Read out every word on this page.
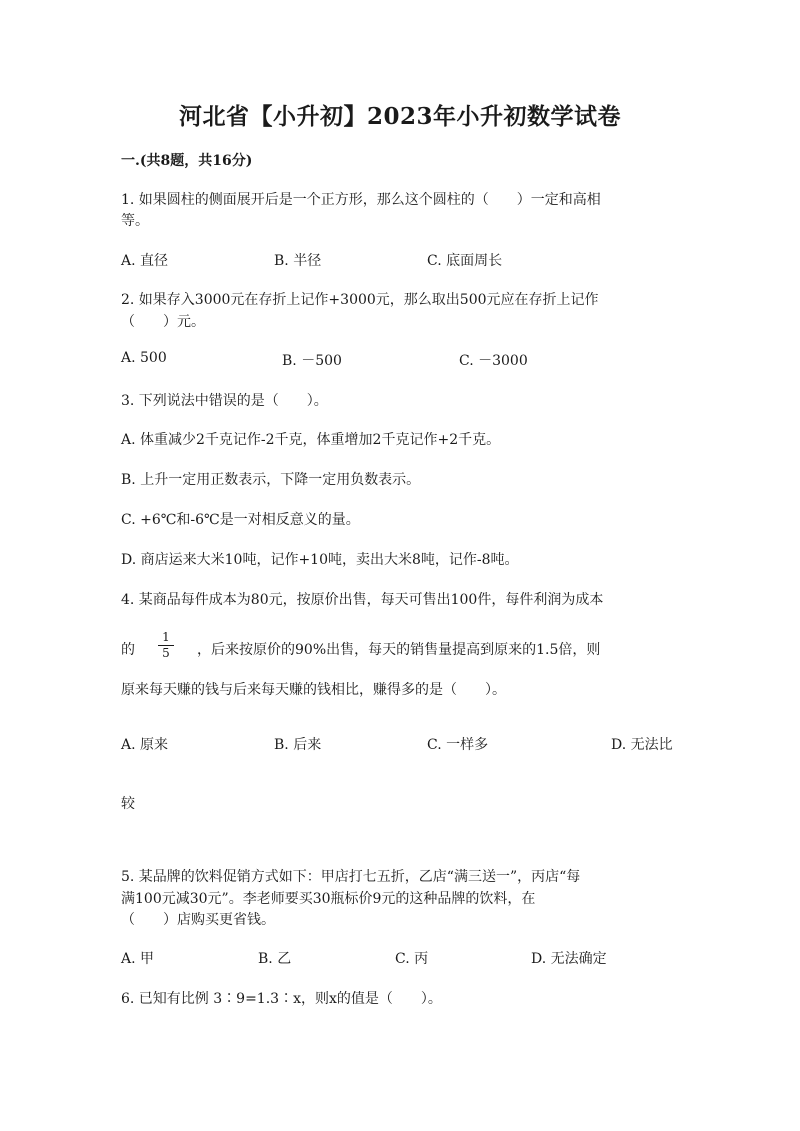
河北省【小升初】2023年小升初数学试卷
一.(共8题，共16分)
1. 如果圆柱的侧面展开后是一个正方形，那么这个圆柱的（　　）一定和高相
等。
A. 直径	B. 半径	C. 底面周长
2. 如果存入3000元在存折上记作+3000元，那么取出500元应在存折上记作
（　　）元。
A. 500	B. －500	C. －3000
3. 下列说法中错误的是（　　）。
A. 体重减少2千克记作-2千克，体重增加2千克记作+2千克。
B. 上升一定用正数表示，下降一定用负数表示。
C. +6℃和-6℃是一对相反意义的量。
D. 商店运来大米10吨，记作+10吨，卖出大米8吨，记作-8吨。
4. 某商品每件成本为80元，按原价出售，每天可售出100件，每件利润为成本
的
1
5 ，后来按原价的90%出售，每天的销售量提高到原来的1.5倍，则
原来每天赚的钱与后来每天赚的钱相比，赚得多的是（　　）。
A. 原来	B. 后来	C. 一样多	D. 无法比
较
5. 某品牌的饮料促销方式如下：甲店打七五折，乙店“满三送一”，丙店“每
满100元减30元”。李老师要买30瓶标价9元的这种品牌的饮料，在
（　　）店购买更省钱。
A. 甲	B. 乙	C. 丙	D. 无法确定
6. 已知有比例 3∶9=1.3∶x，则x的值是（　　）。
